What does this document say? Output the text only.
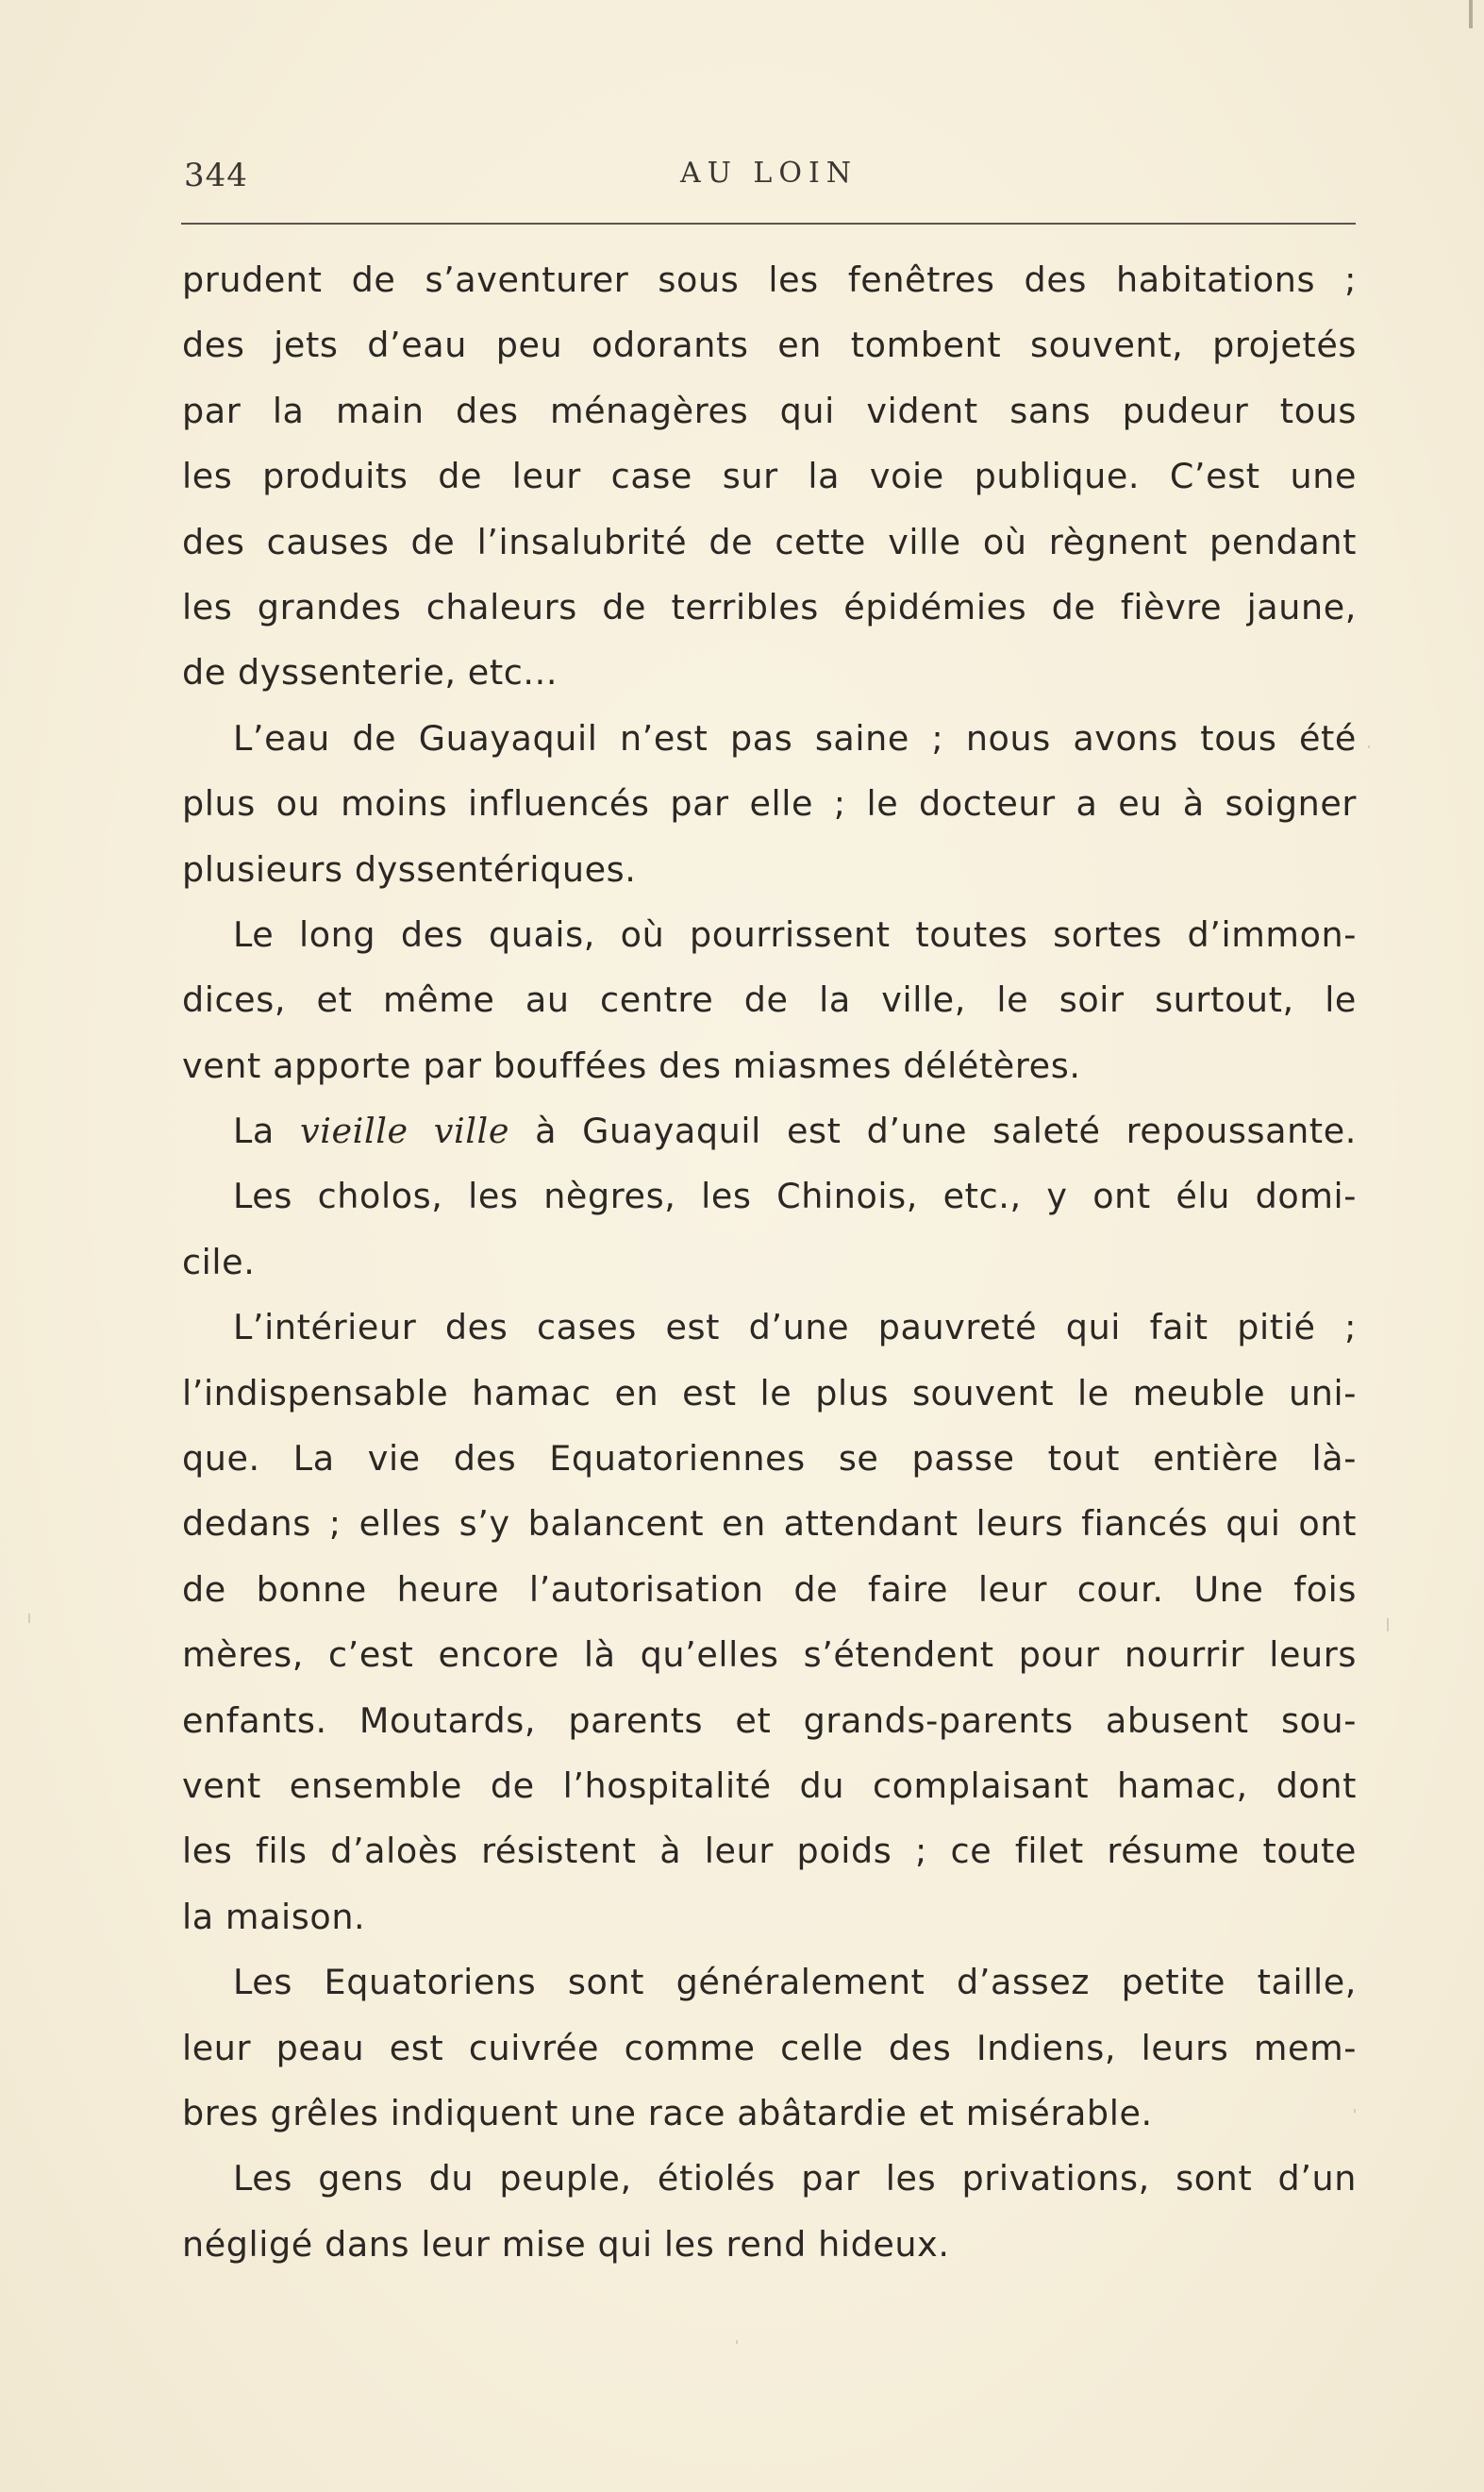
344	AU LOIN
prudent de s’aventurer sous les fenêtres des habitations ;
des jets d’eau peu odorants en tombent souvent, projetés
par la main des ménagères qui vident sans pudeur tous
les produits de leur case sur la voie publique. C’est une
des causes de l’insalubrité de cette ville où règnent pendant
les grandes chaleurs de terribles épidémies de fièvre jaune,
de dyssenterie, etc...
L’eau de Guayaquil n’est pas saine ; nous avons tous été
plus ou moins influencés par elle ; le docteur a eu à soigner
plusieurs dyssentériques.
Le long des quais, où pourrissent toutes sortes d’immon-
dices, et même au centre de la ville, le soir surtout, le
vent apporte par bouffées des miasmes délétères.
La vieille ville à Guayaquil est d’une saleté repoussante.
Les cholos, les nègres, les Chinois, etc., y ont élu domi-
cile.
L’intérieur des cases est d’une pauvreté qui fait pitié ;
l’indispensable hamac en est le plus souvent le meuble uni-
que. La vie des Equatoriennes se passe tout entière là-
dedans ; elles s’y balancent en attendant leurs fiancés qui ont
de bonne heure l’autorisation de faire leur cour. Une fois
mères, c’est encore là qu’elles s’étendent pour nourrir leurs
enfants. Moutards, parents et grands-parents abusent sou-
vent ensemble de l’hospitalité du complaisant hamac, dont
les fils d’aloès résistent à leur poids ; ce filet résume toute
la maison.
Les Equatoriens sont généralement d’assez petite taille,
leur peau est cuivrée comme celle des Indiens, leurs mem-
bres grêles indiquent une race abâtardie et misérable.
Les gens du peuple, étiolés par les privations, sont d’un
négligé dans leur mise qui les rend hideux.
